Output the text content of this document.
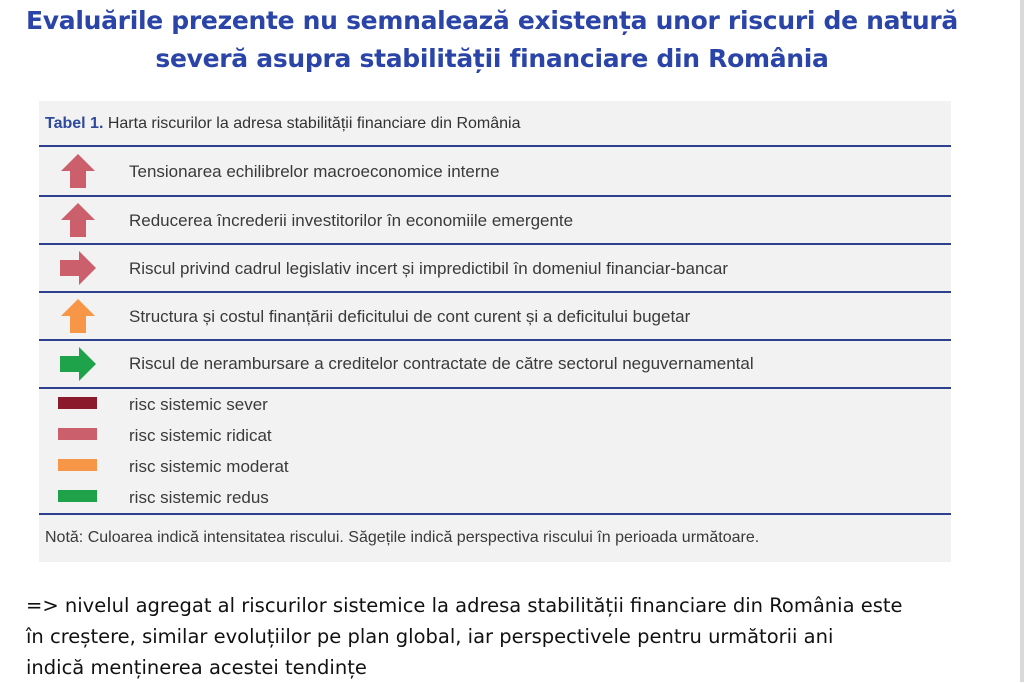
Evaluările prezente nu semnalează existența unor riscuri de natură
severă asupra stabilității financiare din România
Tabel 1. Harta riscurilor la adresa stabilității financiare din România
Tensionarea echilibrelor macroeconomice interne
Reducerea încrederii investitorilor în economiile emergente
Riscul privind cadrul legislativ incert și impredictibil în domeniul financiar-bancar
Structura și costul finanțării deficitului de cont curent și a deficitului bugetar
Riscul de nerambursare a creditelor contractate de către sectorul neguvernamental
risc sistemic sever
risc sistemic ridicat
risc sistemic moderat
risc sistemic redus
Notă: Culoarea indică intensitatea riscului. Săgețile indică perspectiva riscului în perioada următoare.
=> nivelul agregat al riscurilor sistemice la adresa stabilității financiare din România este
în creștere, similar evoluțiilor pe plan global, iar perspectivele pentru următorii ani
indică menținerea acestei tendințe
